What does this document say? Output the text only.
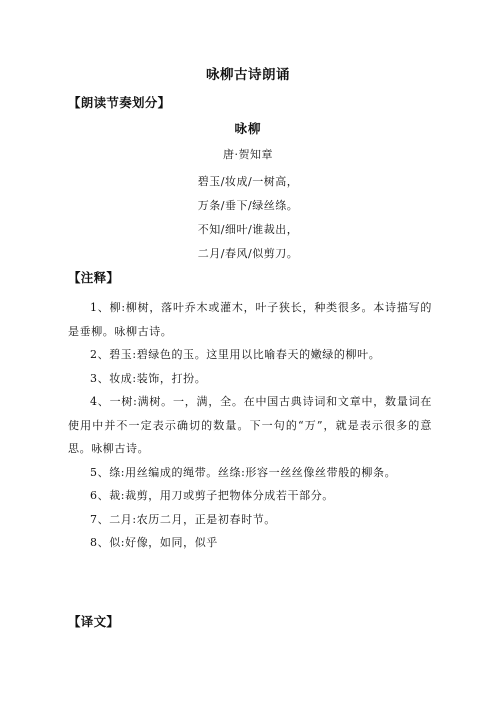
咏柳古诗朗诵
【朗读节奏划分】
咏柳
唐·贺知章
碧玉/妆成/一树高，
万条/垂下/绿丝绦。
不知/细叶/谁裁出，
二月/春风/似剪刀。
【注释】
1、柳:柳树，落叶乔木或灌木，叶子狭长，种类很多。本诗描写的是垂柳。咏柳古诗。
2、碧玉:碧绿色的玉。这里用以比喻春天的嫩绿的柳叶。
3、妆成:装饰，打扮。
4、一树:满树。一，满，全。在中国古典诗词和文章中，数量词在使用中并不一定表示确切的数量。下一句的“万”，就是表示很多的意思。咏柳古诗。
5、绦:用丝编成的绳带。丝绦:形容一丝丝像丝带般的柳条。
6、裁:裁剪，用刀或剪子把物体分成若干部分。
7、二月:农历二月，正是初春时节。
8、似:好像，如同，似乎
【译文】
